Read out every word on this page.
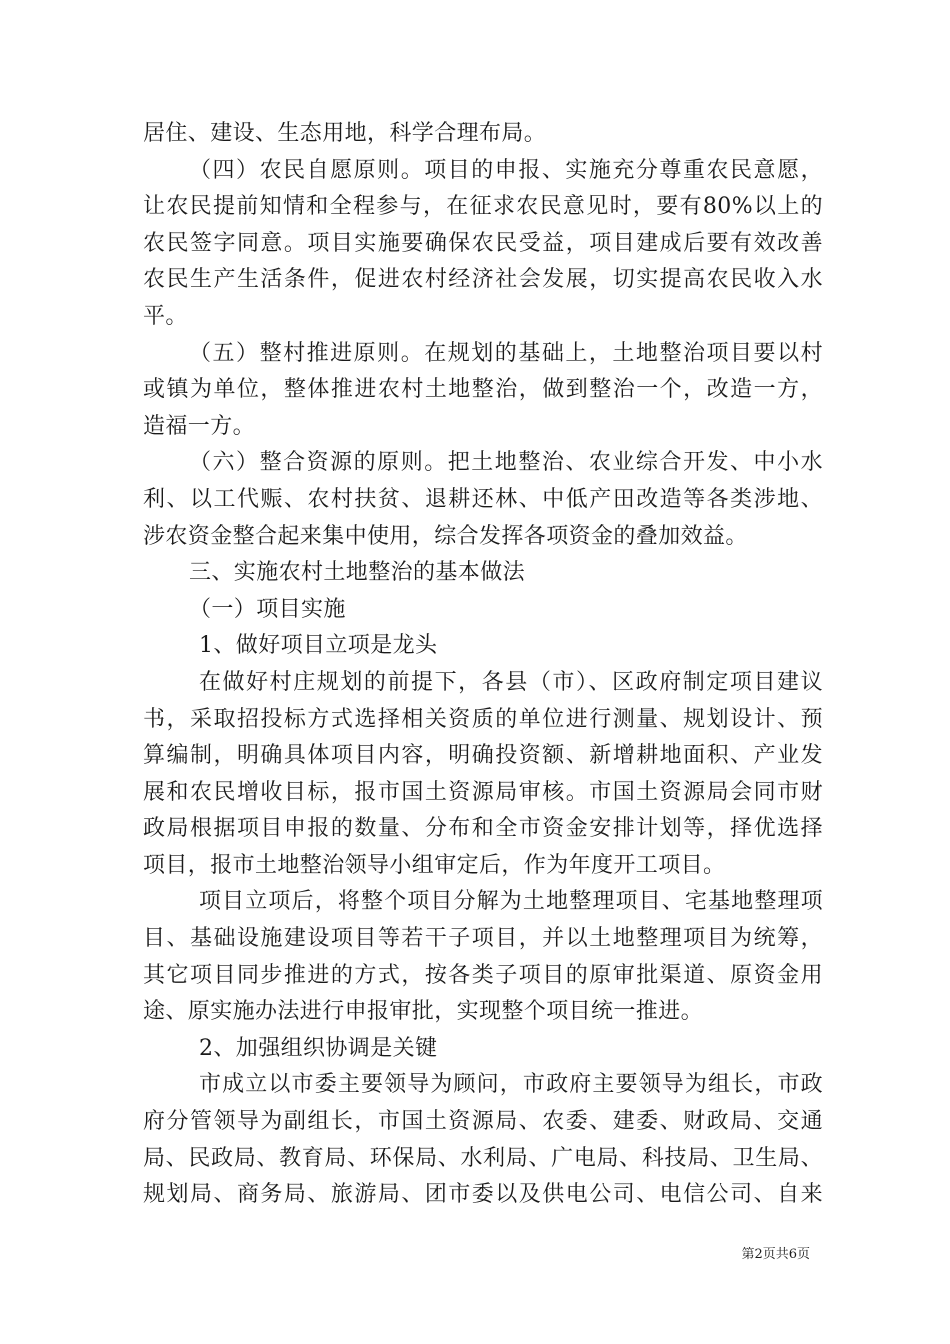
居住、建设、生态用地，科学合理布局。
（四）农民自愿原则。项目的申报、实施充分尊重农民意愿，
让农民提前知情和全程参与，在征求农民意见时，要有80%以上的
农民签字同意。项目实施要确保农民受益，项目建成后要有效改善
农民生产生活条件，促进农村经济社会发展，切实提高农民收入水
平。
（五）整村推进原则。在规划的基础上，土地整治项目要以村
或镇为单位，整体推进农村土地整治，做到整治一个，改造一方，
造福一方。
（六）整合资源的原则。把土地整治、农业综合开发、中小水
利、以工代赈、农村扶贫、退耕还林、中低产田改造等各类涉地、
涉农资金整合起来集中使用，综合发挥各项资金的叠加效益。
三、实施农村土地整治的基本做法
（一）项目实施
1、做好项目立项是龙头
在做好村庄规划的前提下，各县（市）、区政府制定项目建议
书，采取招投标方式选择相关资质的单位进行测量、规划设计、预
算编制，明确具体项目内容，明确投资额、新增耕地面积、产业发
展和农民增收目标，报市国土资源局审核。市国土资源局会同市财
政局根据项目申报的数量、分布和全市资金安排计划等，择优选择
项目，报市土地整治领导小组审定后，作为年度开工项目。
项目立项后，将整个项目分解为土地整理项目、宅基地整理项
目、基础设施建设项目等若干子项目，并以土地整理项目为统筹，
其它项目同步推进的方式，按各类子项目的原审批渠道、原资金用
途、原实施办法进行申报审批，实现整个项目统一推进。
2、加强组织协调是关键
市成立以市委主要领导为顾问，市政府主要领导为组长，市政
府分管领导为副组长，市国土资源局、农委、建委、财政局、交通
局、民政局、教育局、环保局、水利局、广电局、科技局、卫生局、
规划局、商务局、旅游局、团市委以及供电公司、电信公司、自来
第2页共6页
